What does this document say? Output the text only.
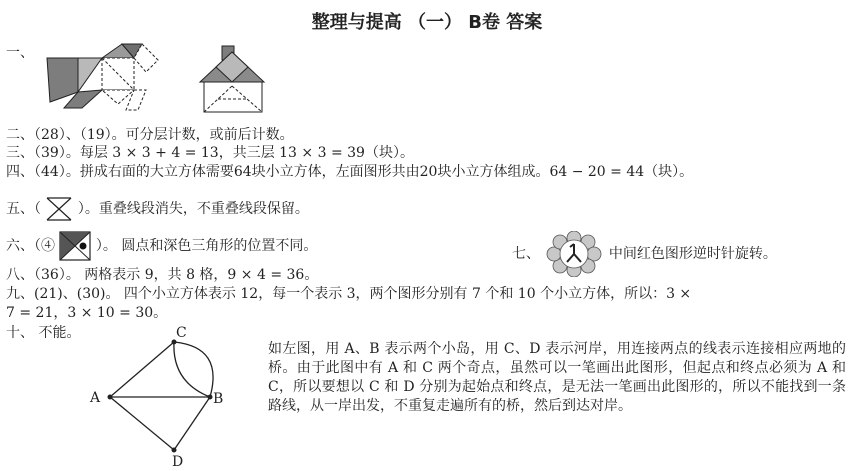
整理与提高 （一） B卷 答案
一、
二、（28）、（19）。可分层计数，或前后计数。
三、（39）。每层 3 × 3 + 4 = 13，共三层 13 × 3 = 39（块）。
四、（44）。拼成右面的大立方体需要64块小立方体，左面图形共由20块小立方体组成。64 − 20 = 44（块）。
五、（	）。重叠线段消失，不重叠线段保留。
六、（④	）。 圆点和深色三角形的位置不同。	七、	中间红色图形逆时针旋转。
八、（36）。 两格表示 9，共 8 格，9 × 4 = 36。
九、(21)、(30)。 四个小立方体表示 12，每一个表示 3，两个图形分别有 7 个和 10 个小立方体，所以：3 ×
7 = 21，3 × 10 = 30。
十、 不能。
A	B
C
D
如左图，用 A、B 表示两个小岛，用 C、D 表示河岸，用连接两点的线表示连接相应两地的桥。由于此图中有 A 和 C 两个奇点，虽然可以一笔画出此图形，但起点和终点必须为 A 和 C，所以要想以 C 和 D 分别为起始点和终点，是无法一笔画出此图形的，所以不能找到一条路线，从一岸出发，不重复走遍所有的桥，然后到达对岸。
